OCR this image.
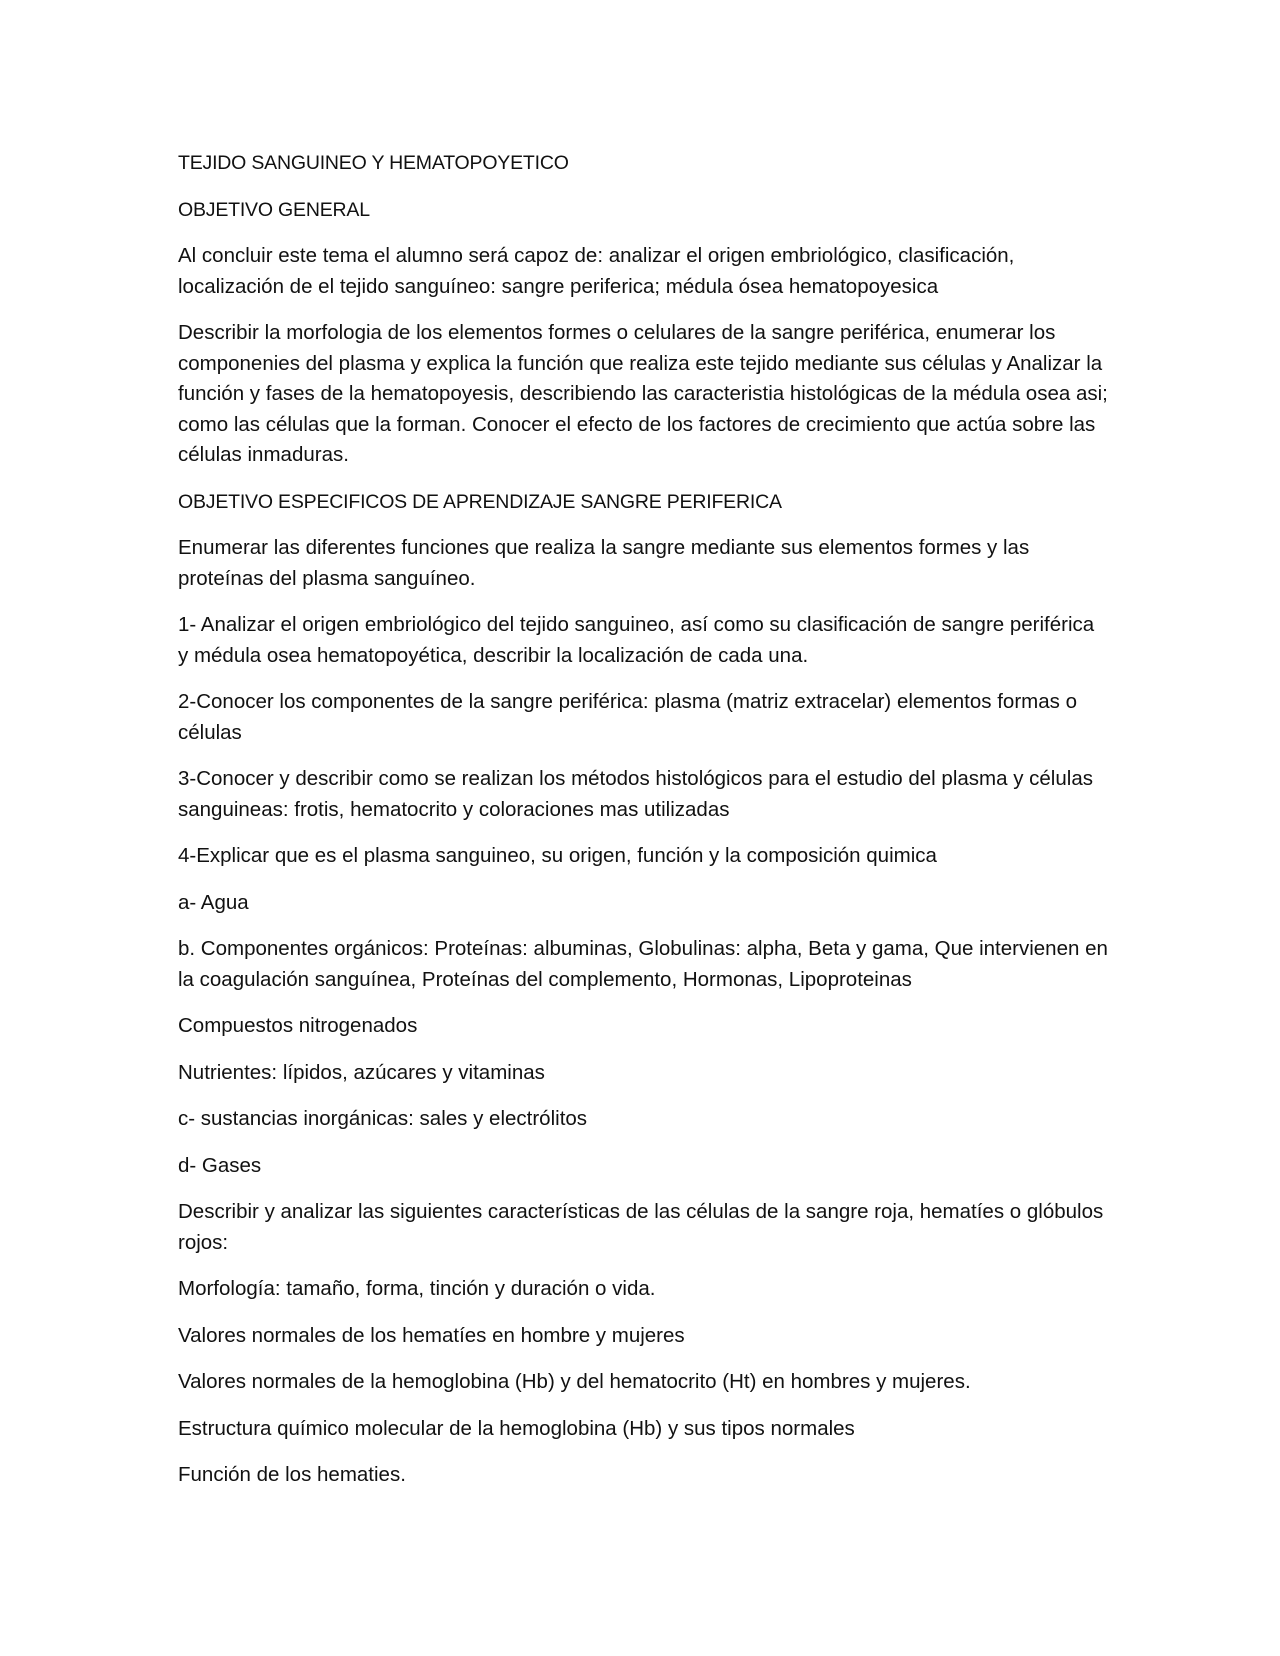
TEJIDO SANGUINEO Y HEMATOPOYETICO

OBJETIVO GENERAL

Al concluir este tema el alumno será capoz de: analizar el origen embriológico, clasificación, localización de el tejido sanguíneo: sangre periferica; médula ósea hematopoyesica

Describir la morfologia de los elementos formes o celulares de la sangre periférica, enumerar los componenies del plasma y explica la función que realiza este tejido mediante sus células y Analizar la función y fases de la hematopoyesis, describiendo las caracteristia histológicas de la médula osea asi; como las células que la forman. Conocer el efecto de los factores de crecimiento que actúa sobre las células inmaduras.

OBJETIVO ESPECIFICOS DE APRENDIZAJE SANGRE PERIFERICA

Enumerar las diferentes funciones que realiza la sangre mediante sus elementos formes y las proteínas del plasma sanguíneo.

1- Analizar el origen embriológico del tejido sanguineo, así como su clasificación de sangre periférica y médula osea hematopoyética, describir la localización de cada una.

2-Conocer los componentes de la sangre periférica: plasma (matriz extracelar) elementos formas o células

3-Conocer y describir como se realizan los métodos histológicos para el estudio del plasma y células sanguineas: frotis, hematocrito y coloraciones mas utilizadas

4-Explicar que es el plasma sanguineo, su origen, función y la composición quimica

a- Agua

b. Componentes orgánicos: Proteínas: albuminas, Globulinas: alpha, Beta y gama, Que intervienen en la coagulación sanguínea, Proteínas del complemento, Hormonas, Lipoproteinas

Compuestos nitrogenados

Nutrientes: lípidos, azúcares y vitaminas

c- sustancias inorgánicas: sales y electrólitos

d- Gases

Describir y analizar las siguientes características de las células de la sangre roja, hematíes o glóbulos rojos:

Morfología: tamaño, forma, tinción y duración o vida.

Valores normales de los hematíes en hombre y mujeres

Valores normales de la hemoglobina (Hb) y del hematocrito (Ht) en hombres y mujeres.

Estructura químico molecular de la hemoglobina (Hb) y sus tipos normales

Función de los hematies.
